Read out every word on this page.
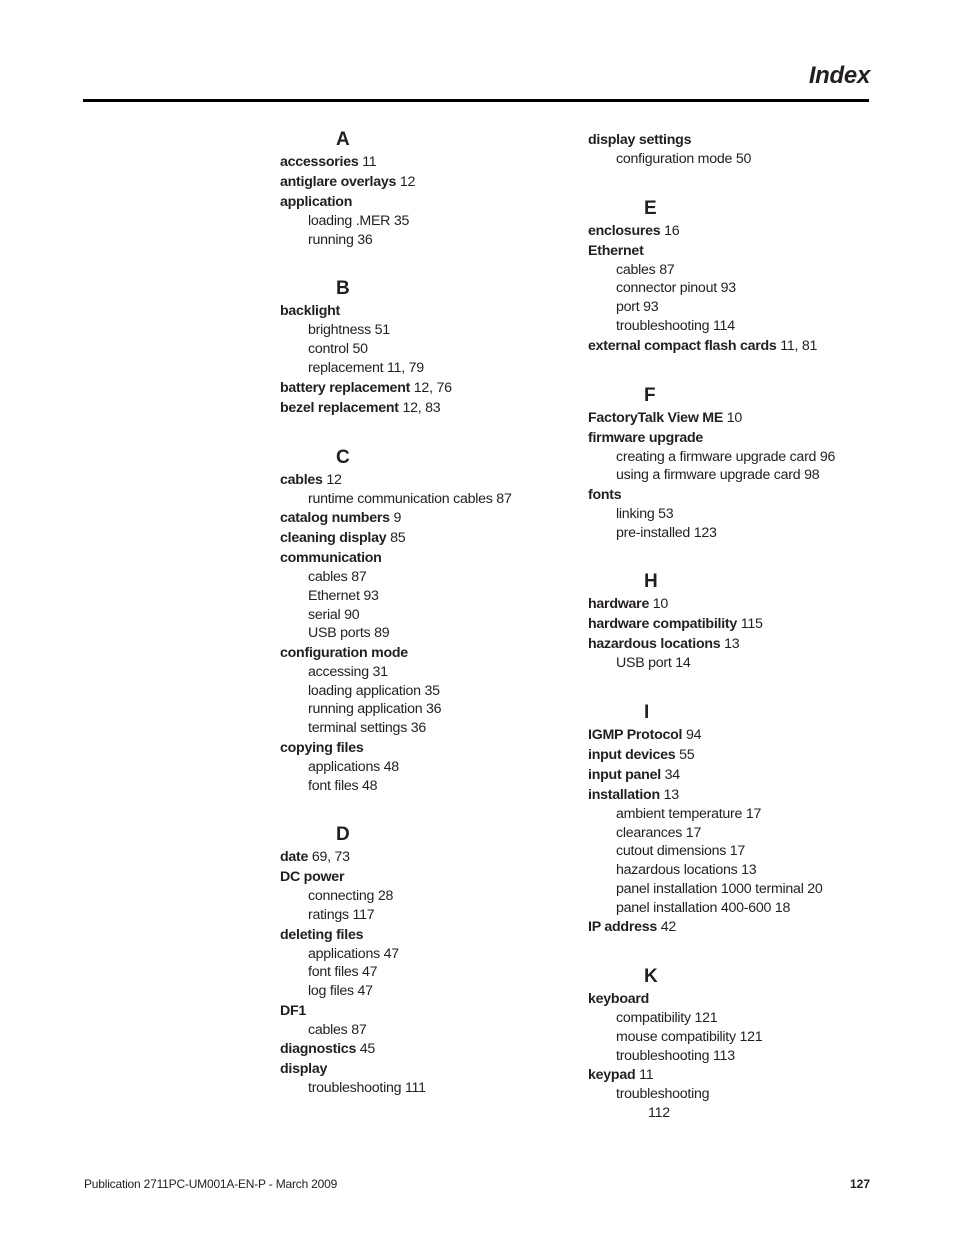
Index
A
accessories 11
antiglare overlays 12
application
loading .MER 35
running 36
B
backlight
brightness 51
control 50
replacement 11, 79
battery replacement 12, 76
bezel replacement 12, 83
C
cables 12
runtime communication cables 87
catalog numbers 9
cleaning display 85
communication
cables 87
Ethernet 93
serial 90
USB ports 89
configuration mode
accessing 31
loading application 35
running application 36
terminal settings 36
copying files
applications 48
font files 48
D
date 69, 73
DC power
connecting 28
ratings 117
deleting files
applications 47
font files 47
log files 47
DF1
cables 87
diagnostics 45
display
troubleshooting 111
display settings
configuration mode 50
E
enclosures 16
Ethernet
cables 87
connector pinout 93
port 93
troubleshooting 114
external compact flash cards 11, 81
F
FactoryTalk View ME 10
firmware upgrade
creating a firmware upgrade card 96
using a firmware upgrade card 98
fonts
linking 53
pre-installed 123
H
hardware 10
hardware compatibility 115
hazardous locations 13
USB port 14
I
IGMP Protocol 94
input devices 55
input panel 34
installation 13
ambient temperature 17
clearances 17
cutout dimensions 17
hazardous locations 13
panel installation 1000 terminal 20
panel installation 400-600 18
IP address 42
K
keyboard
compatibility 121
mouse compatibility 121
troubleshooting 113
keypad 11
troubleshooting
112
Publication 2711PC-UM001A-EN-P - March 2009	127
